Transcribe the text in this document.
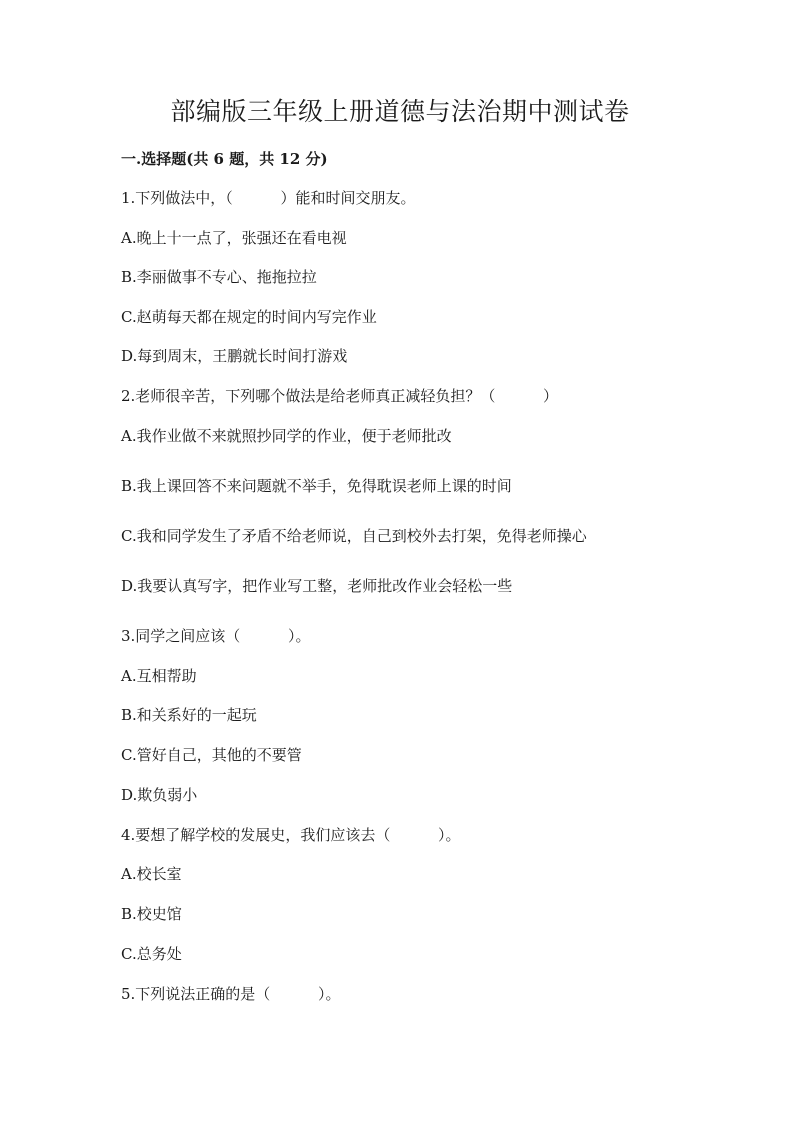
部编版三年级上册道德与法治期中测试卷
一.选择题(共 6 题，共 12 分)
1.下列做法中，（          ）能和时间交朋友。
A.晚上十一点了，张强还在看电视
B.李丽做事不专心、拖拖拉拉
C.赵萌每天都在规定的时间内写完作业
D.每到周末，王鹏就长时间打游戏
2.老师很辛苦，下列哪个做法是给老师真正减轻负担？（          ）
A.我作业做不来就照抄同学的作业，便于老师批改
B.我上课回答不来问题就不举手，免得耽误老师上课的时间
C.我和同学发生了矛盾不给老师说，自己到校外去打架，免得老师操心
D.我要认真写字，把作业写工整，老师批改作业会轻松一些
3.同学之间应该（          ）。
A.互相帮助
B.和关系好的一起玩
C.管好自己，其他的不要管
D.欺负弱小
4.要想了解学校的发展史，我们应该去（          ）。
A.校长室
B.校史馆
C.总务处
5.下列说法正确的是（          ）。
